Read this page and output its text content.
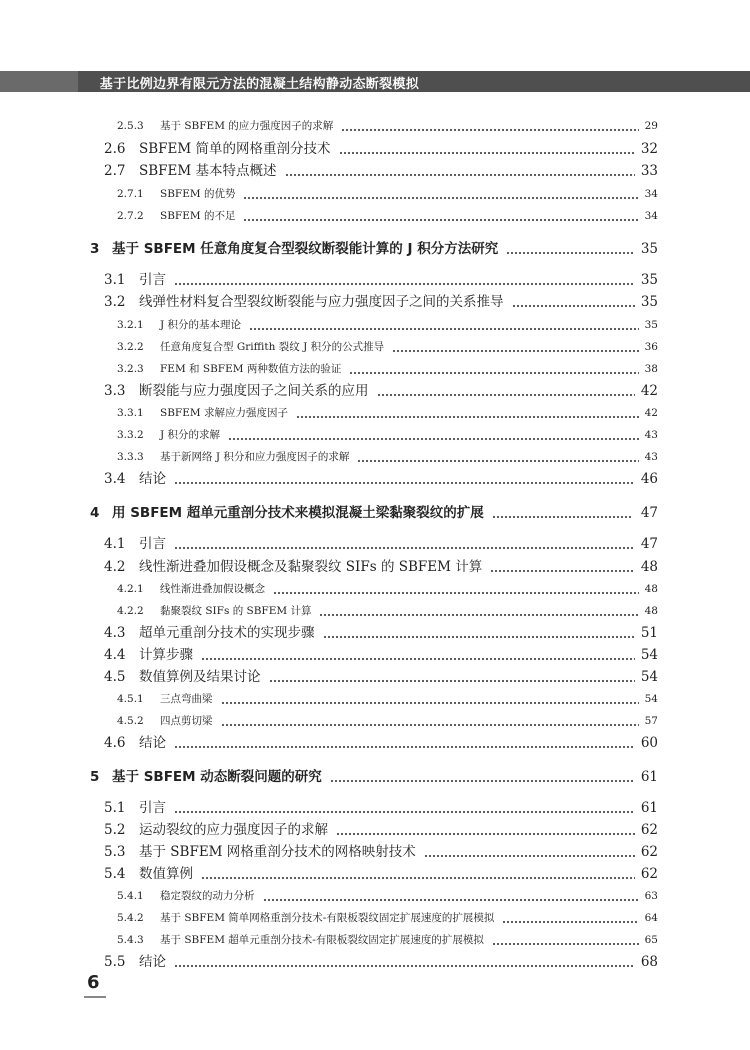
基于比例边界有限元方法的混凝土结构静动态断裂模拟
2.5.3 基于 SBFEM 的应力强度因子的求解	29
2.6 SBFEM 简单的网格重剖分技术	32
2.7 SBFEM 基本特点概述	33
2.7.1 SBFEM 的优势	34
2.7.2 SBFEM 的不足	34
3 基于 SBFEM 任意角度复合型裂纹断裂能计算的 J 积分方法研究	35
3.1 引言	35
3.2 线弹性材料复合型裂纹断裂能与应力强度因子之间的关系推导	35
3.2.1 J 积分的基本理论	35
3.2.2 任意角度复合型 Griffith 裂纹 J 积分的公式推导	36
3.2.3 FEM 和 SBFEM 两种数值方法的验证	38
3.3 断裂能与应力强度因子之间关系的应用	42
3.3.1 SBFEM 求解应力强度因子	42
3.3.2 J 积分的求解	43
3.3.3 基于新网络 J 积分和应力强度因子的求解	43
3.4 结论	46
4 用 SBFEM 超单元重剖分技术来模拟混凝土梁黏聚裂纹的扩展	47
4.1 引言	47
4.2 线性渐进叠加假设概念及黏聚裂纹 SIFs 的 SBFEM 计算	48
4.2.1 线性渐进叠加假设概念	48
4.2.2 黏聚裂纹 SIFs 的 SBFEM 计算	48
4.3 超单元重剖分技术的实现步骤	51
4.4 计算步骤	54
4.5 数值算例及结果讨论	54
4.5.1 三点弯曲梁	54
4.5.2 四点剪切梁	57
4.6 结论	60
5 基于 SBFEM 动态断裂问题的研究	61
5.1 引言	61
5.2 运动裂纹的应力强度因子的求解	62
5.3 基于 SBFEM 网格重剖分技术的网格映射技术	62
5.4 数值算例	62
5.4.1 稳定裂纹的动力分析	63
5.4.2 基于 SBFEM 简单网格重剖分技术-有限板裂纹固定扩展速度的扩展模拟	64
5.4.3 基于 SBFEM 超单元重剖分技术-有限板裂纹固定扩展速度的扩展模拟	65
5.5 结论	68
6
